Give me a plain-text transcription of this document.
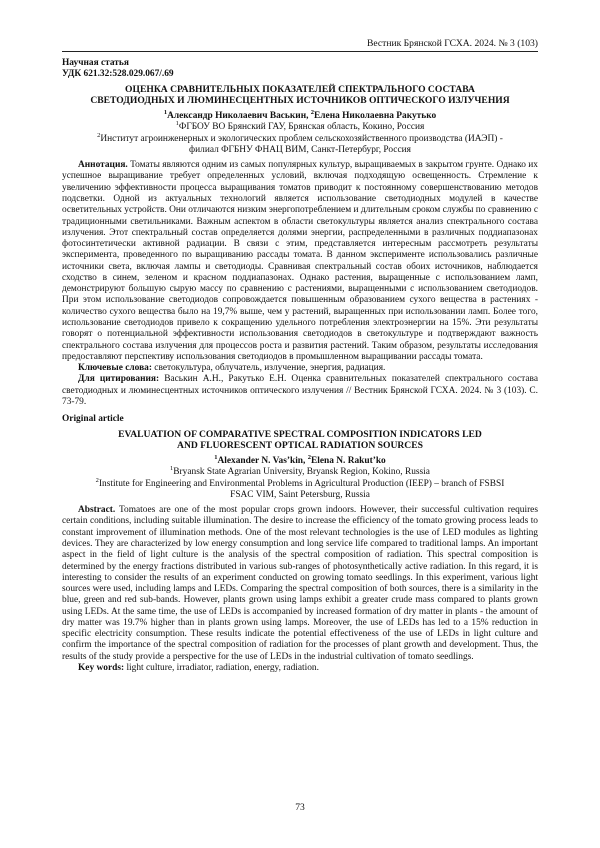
Вестник Брянской ГСХА. 2024. № 3 (103)
Научная статья
УДК 621.32:528.029.067/.69
ОЦЕНКА СРАВНИТЕЛЬНЫХ ПОКАЗАТЕЛЕЙ СПЕКТРАЛЬНОГО СОСТАВА
СВЕТОДИОДНЫХ И ЛЮМИНЕСЦЕНТНЫХ ИСТОЧНИКОВ ОПТИЧЕСКОГО ИЗЛУЧЕНИЯ
$^1$Александр Николаевич Васькин, $^2$Елена Николаевна Ракутько
$^1$ФГБОУ ВО Брянский ГАУ, Брянская область, Кокино, Россия
$^2$Институт агроинженерных и экологических проблем сельскохозяйственного производства (ИАЭП) -
филиал ФГБНУ ФНАЦ ВИМ, Санкт-Петербург, Россия

Аннотация. Томаты являются одним из самых популярных культур, выращиваемых в закрытом грунте. Однако их успешное выращивание требует определенных условий, включая подходящую освещенность. Стремление к увеличению эффективности процесса выращивания томатов приводит к постоянному совершенствованию методов подсветки. Одной из актуальных технологий является использование светодиодных модулей в качестве осветительных устройств. Они отличаются низким энергопотреблением и длительным сроком службы по сравнению с традиционными светильниками. Важным аспектом в области светокультуры является анализ спектрального состава излучения. Этот спектральный состав определяется долями энергии, распределенными в различных поддиапазонах фотосинтетически активной радиации. В связи с этим, представляется интересным рассмотреть результаты эксперимента, проведенного по выращиванию рассады томата. В данном эксперименте использовались различные источники света, включая лампы и светодиоды. Сравнивая спектральный состав обоих источников, наблюдается сходство в синем, зеленом и красном поддиапазонах. Однако растения, выращенные с использованием ламп, демонстрируют большую сырую массу по сравнению с растениями, выращенными с использованием светодиодов. При этом использование светодиодов сопровождается повышенным образованием сухого вещества в растениях - количество сухого вещества было на 19,7% выше, чем у растений, выращенных при использовании ламп. Более того, использование светодиодов привело к сокращению удельного потребления электроэнергии на 15%. Эти результаты говорят о потенциальной эффективности использования светодиодов в светокультуре и подтверждают важность спектрального состава излучения для процессов роста и развития растений. Таким образом, результаты исследования предоставляют перспективу использования светодиодов в промышленном выращивании рассады томата.

Ключевые слова: светокультура, облучатель, излучение, энергия, радиация.

Для цитирования: Васькин А.Н., Ракутько Е.Н. Оценка сравнительных показателей спектрального состава светодиодных и люминесцентных источников оптического излучения // Вестник Брянской ГСХА. 2024. № 3 (103). С. 73-79.

Original article
EVALUATION OF COMPARATIVE SPECTRAL COMPOSITION INDICATORS LED
AND FLUORESCENT OPTICAL RADIATION SOURCES
$^1$Alexander N. Vas’kin, $^2$Elena N. Rakut’ko
$^1$Bryansk State Agrarian University, Bryansk Region, Kokino, Russia
$^2$Institute for Engineering and Environmental Problems in Agricultural Production (IEEP) – branch of FSBSI
FSAC VIM, Saint Petersburg, Russia

Abstract. Tomatoes are one of the most popular crops grown indoors. However, their successful cultivation requires certain conditions, including suitable illumination. The desire to increase the efficiency of the tomato growing process leads to constant improvement of illumination methods. One of the most relevant technologies is the use of LED modules as lighting devices. They are characterized by low energy consumption and long service life compared to traditional lamps. An important aspect in the field of light culture is the analysis of the spectral composition of radiation. This spectral composition is determined by the energy fractions distributed in various sub-ranges of photosynthetically active radiation. In this regard, it is interesting to consider the results of an experiment conducted on growing tomato seedlings. In this experiment, various light sources were used, including lamps and LEDs. Comparing the spectral composition of both sources, there is a similarity in the blue, green and red sub-bands. However, plants grown using lamps exhibit a greater crude mass compared to plants grown using LEDs. At the same time, the use of LEDs is accompanied by increased formation of dry matter in plants - the amount of dry matter was 19.7% higher than in plants grown using lamps. Moreover, the use of LEDs has led to a 15% reduction in specific electricity consumption. These results indicate the potential effectiveness of the use of LEDs in light culture and confirm the importance of the spectral composition of radiation for the processes of plant growth and development. Thus, the results of the study provide a perspective for the use of LEDs in the industrial cultivation of tomato seedlings.

Key words: light culture, irradiator, radiation, energy, radiation.

73
